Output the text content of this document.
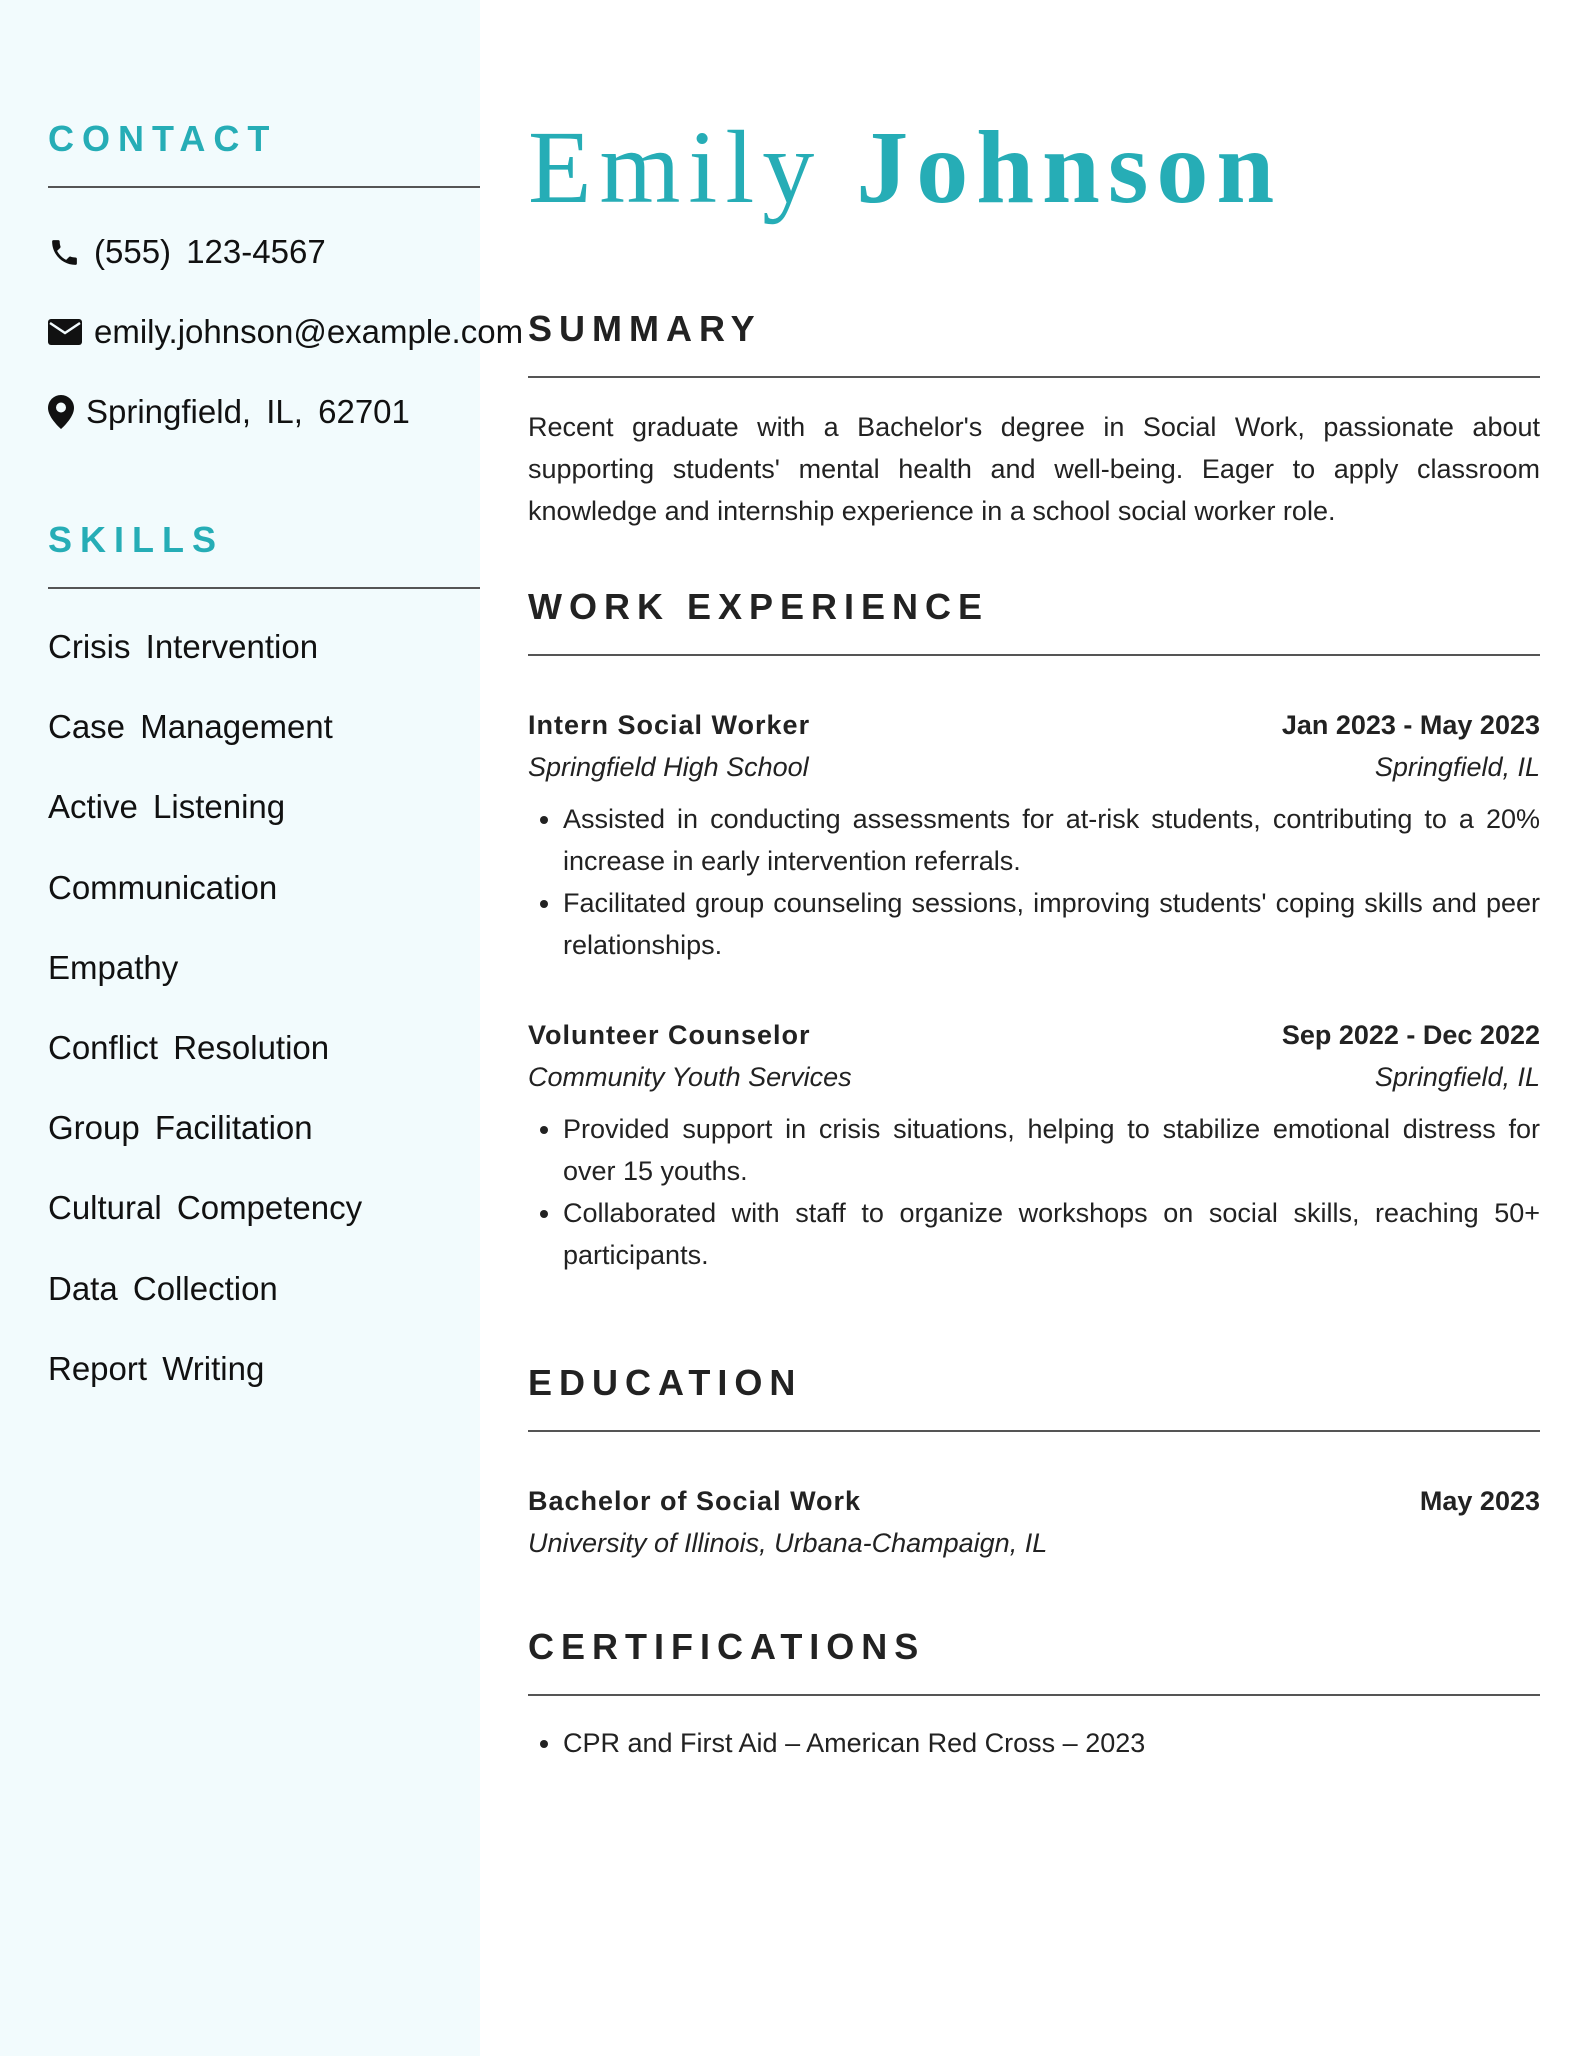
CONTACT
(555) 123-4567
emily.johnson@example.com
Springfield, IL, 62701
SKILLS
Crisis Intervention
Case Management
Active Listening
Communication
Empathy
Conflict Resolution
Group Facilitation
Cultural Competency
Data Collection
Report Writing
Emily Johnson
SUMMARY

Recent graduate with a Bachelor's degree in Social Work, passionate about supporting students' mental health and well-being. Eager to apply classroom knowledge and internship experience in a school social worker role.

WORK EXPERIENCE
Intern Social Worker	Jan 2023 - May 2023
Springfield High School	Springfield, IL
• Assisted in conducting assessments for at-risk students, contributing to a 20% increase in early intervention referrals.
• Facilitated group counseling sessions, improving students' coping skills and peer relationships.
Volunteer Counselor	Sep 2022 - Dec 2022
Community Youth Services	Springfield, IL
• Provided support in crisis situations, helping to stabilize emotional distress for over 15 youths.
• Collaborated with staff to organize workshops on social skills, reaching 50+ participants.
EDUCATION
Bachelor of Social Work	May 2023
University of Illinois, Urbana-Champaign, IL
CERTIFICATIONS
• CPR and First Aid – American Red Cross – 2023
